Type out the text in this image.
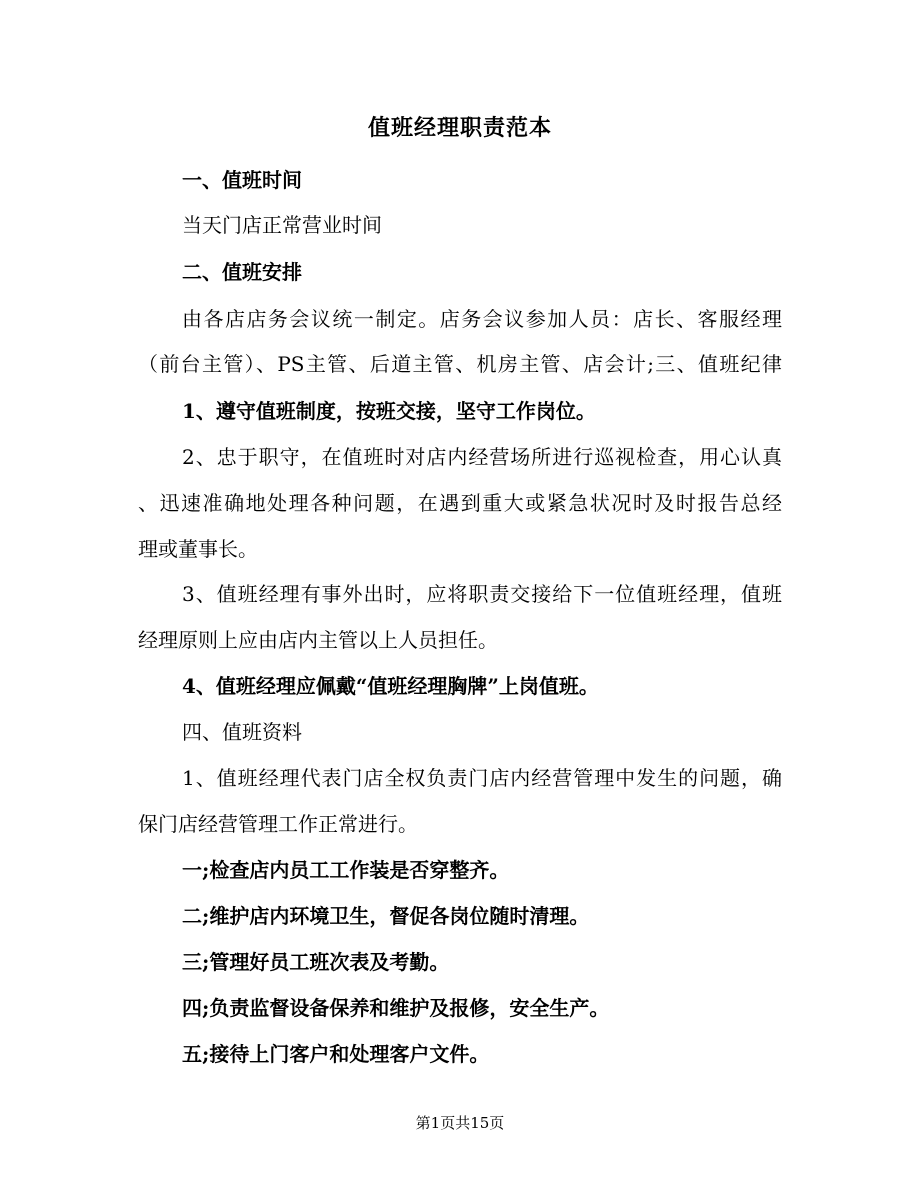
值班经理职责范本
一、值班时间
当天门店正常营业时间
二、值班安排
由各店店务会议统一制定。店务会议参加人员：店长、客服经理
（前台主管）、PS主管、后道主管、机房主管、店会计;三、值班纪律
1、遵守值班制度，按班交接，坚守工作岗位。
2、忠于职守，在值班时对店内经营场所进行巡视检查，用心认真
、迅速准确地处理各种问题，在遇到重大或紧急状况时及时报告总经
理或董事长。
3、值班经理有事外出时，应将职责交接给下一位值班经理，值班
经理原则上应由店内主管以上人员担任。
4、值班经理应佩戴“值班经理胸牌”上岗值班。
四、值班资料
1、值班经理代表门店全权负责门店内经营管理中发生的问题，确
保门店经营管理工作正常进行。
一;检查店内员工工作装是否穿整齐。
二;维护店内环境卫生，督促各岗位随时清理。
三;管理好员工班次表及考勤。
四;负责监督设备保养和维护及报修，安全生产。
五;接待上门客户和处理客户文件。
第1页共15页
